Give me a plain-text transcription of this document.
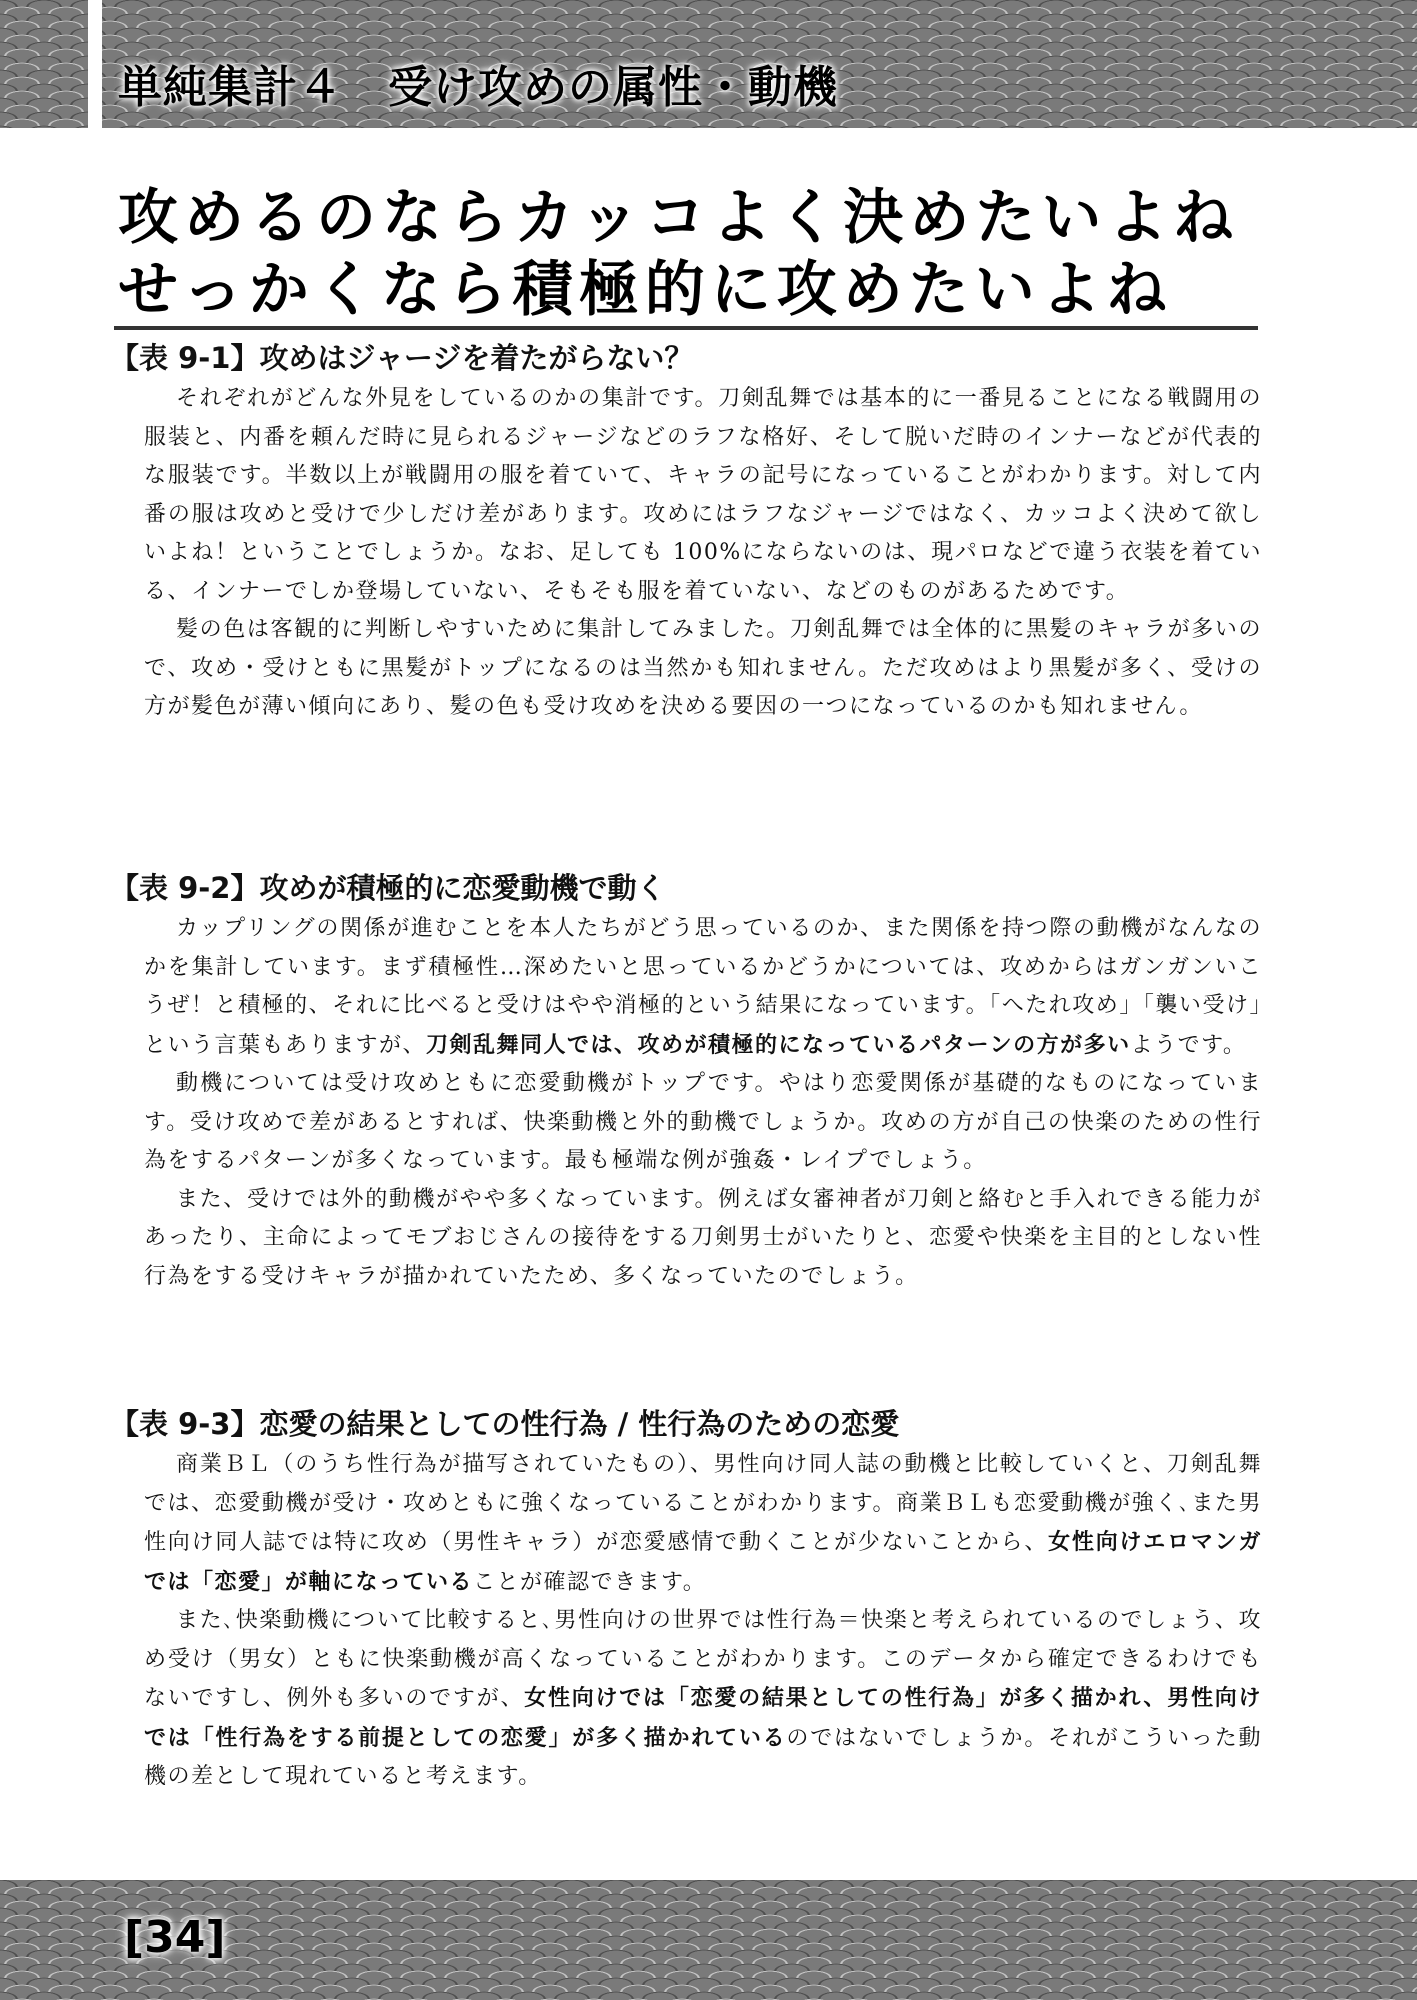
単純集計４　受け攻めの属性・動機
攻めるのならカッコよく決めたいよね
せっかくなら積極的に攻めたいよね
【表 9-1】攻めはジャージを着たがらない？

それぞれがどんな外見をしているのかの集計です。刀剣乱舞では基本的に一番見ることになる戦闘用の服装と、内番を頼んだ時に見られるジャージなどのラフな格好、そして脱いだ時のインナーなどが代表的な服装です。半数以上が戦闘用の服を着ていて、キャラの記号になっていることがわかります。対して内番の服は攻めと受けで少しだけ差があります。攻めにはラフなジャージではなく、カッコよく決めて欲しいよね！ということでしょうか。なお、足しても 100%にならないのは、現パロなどで違う衣装を着ている、インナーでしか登場していない、そもそも服を着ていない、などのものがあるためです。

髪の色は客観的に判断しやすいために集計してみました。刀剣乱舞では全体的に黒髪のキャラが多いので、攻め・受けともに黒髪がトップになるのは当然かも知れません。ただ攻めはより黒髪が多く、受けの方が髪色が薄い傾向にあり、髪の色も受け攻めを決める要因の一つになっているのかも知れません。

【表 9-2】攻めが積極的に恋愛動機で動く

カップリングの関係が進むことを本人たちがどう思っているのか、また関係を持つ際の動機がなんなのかを集計しています。まず積極性…深めたいと思っているかどうかについては、攻めからはガンガンいこうぜ！と積極的、それに比べると受けはやや消極的という結果になっています。「へたれ攻め」「襲い受け」という言葉もありますが、刀剣乱舞同人では、攻めが積極的になっているパターンの方が多いようです。

動機については受け攻めともに恋愛動機がトップです。やはり恋愛関係が基礎的なものになっています。受け攻めで差があるとすれば、快楽動機と外的動機でしょうか。攻めの方が自己の快楽のための性行為をするパターンが多くなっています。最も極端な例が強姦・レイプでしょう。

また、受けでは外的動機がやや多くなっています。例えば女審神者が刀剣と絡むと手入れできる能力があったり、主命によってモブおじさんの接待をする刀剣男士がいたりと、恋愛や快楽を主目的としない性行為をする受けキャラが描かれていたため、多くなっていたのでしょう。

【表 9-3】恋愛の結果としての性行為 / 性行為のための恋愛

商業ＢＬ（のうち性行為が描写されていたもの）、男性向け同人誌の動機と比較していくと、刀剣乱舞では、恋愛動機が受け・攻めともに強くなっていることがわかります。商業ＢＬも恋愛動機が強く､また男性向け同人誌では特に攻め（男性キャラ）が恋愛感情で動くことが少ないことから、女性向けエロマンガでは「恋愛」が軸になっていることが確認できます。

また､快楽動機について比較すると､男性向けの世界では性行為＝快楽と考えられているのでしょう、攻め受け（男女）ともに快楽動機が高くなっていることがわかります。このデータから確定できるわけでもないですし、例外も多いのですが、女性向けでは「恋愛の結果としての性行為」が多く描かれ、男性向けでは「性行為をする前提としての恋愛」が多く描かれているのではないでしょうか。それがこういった動機の差として現れていると考えます。

[34]
